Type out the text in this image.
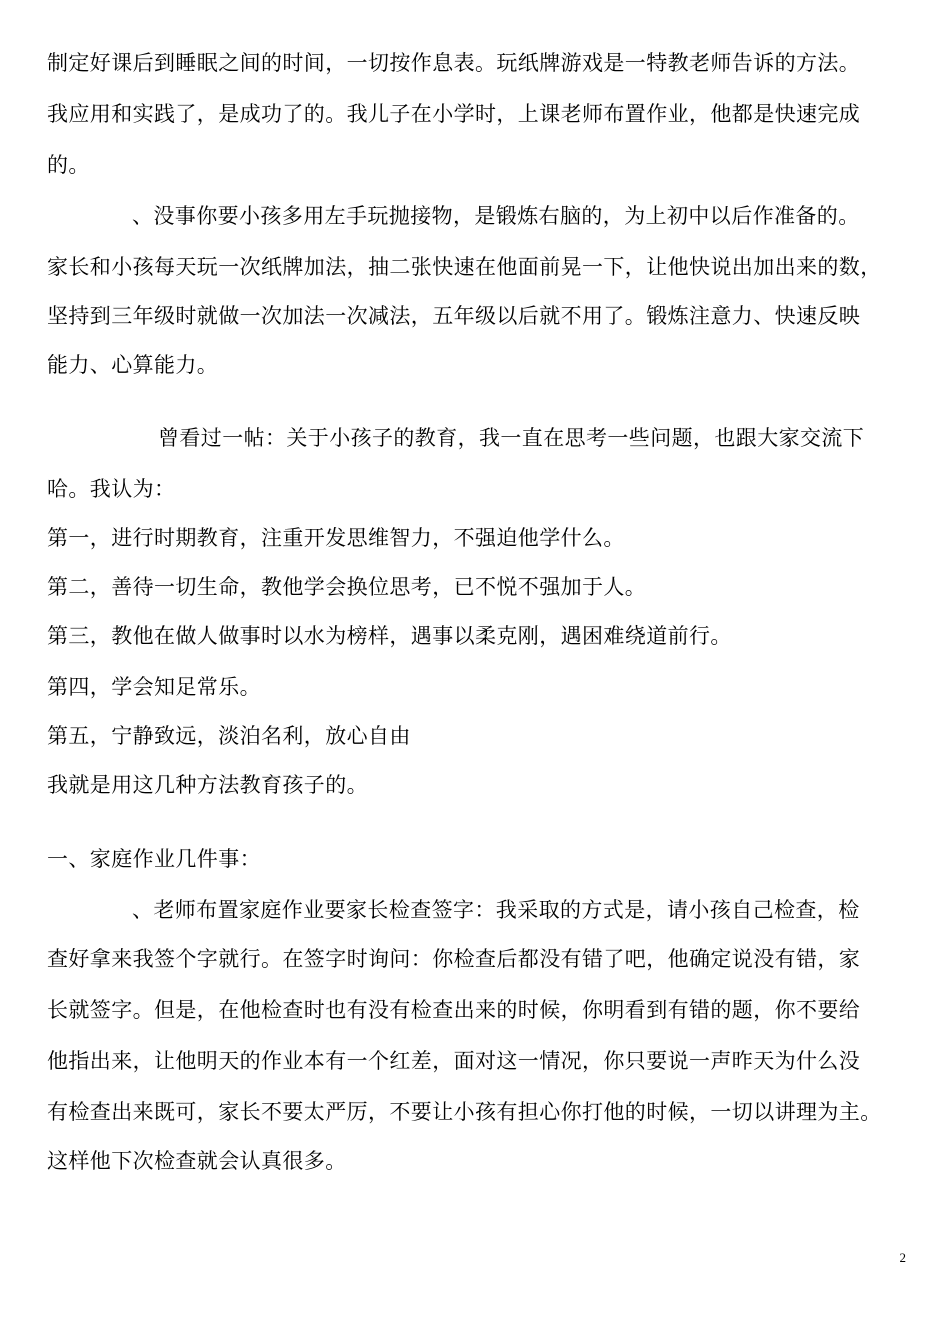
制定好课后到睡眠之间的时间，一切按作息表。玩纸牌游戏是一特教老师告诉的方法。
我应用和实践了，是成功了的。我儿子在小学时，上课老师布置作业，他都是快速完成
的。
、没事你要小孩多用左手玩抛接物，是锻炼右脑的，为上初中以后作准备的。
家长和小孩每天玩一次纸牌加法，抽二张快速在他面前晃一下，让他快说出加出来的数，
坚持到三年级时就做一次加法一次减法，五年级以后就不用了。锻炼注意力、快速反映
能力、心算能力。
曾看过一帖：关于小孩子的教育，我一直在思考一些问题，也跟大家交流下
哈。我认为：
第一，进行时期教育，注重开发思维智力，不强迫他学什么。
第二，善待一切生命，教他学会换位思考，已不悦不强加于人。
第三，教他在做人做事时以水为榜样，遇事以柔克刚，遇困难绕道前行。
第四，学会知足常乐。
第五，宁静致远，淡泊名利，放心自由
我就是用这几种方法教育孩子的。
一、家庭作业几件事：
、老师布置家庭作业要家长检查签字：我采取的方式是，请小孩自己检查，检
查好拿来我签个字就行。在签字时询问：你检查后都没有错了吧，他确定说没有错，家
长就签字。但是，在他检查时也有没有检查出来的时候，你明看到有错的题，你不要给
他指出来，让他明天的作业本有一个红差，面对这一情况，你只要说一声昨天为什么没
有检查出来既可，家长不要太严厉，不要让小孩有担心你打他的时候，一切以讲理为主。
这样他下次检查就会认真很多。
2
